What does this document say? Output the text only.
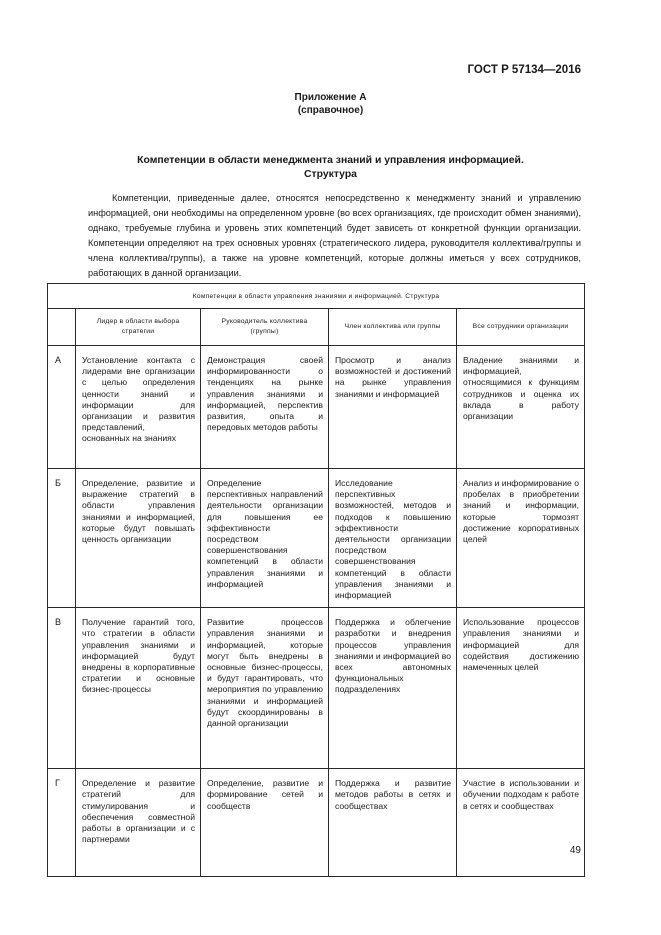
ГОСТ Р 57134—2016
Приложение А
(справочное)
Компетенции в области менеджмента знаний и управления информацией.
Структура

Компетенции, приведенные далее, относятся непосредственно к менеджменту знаний и управлению информацией, они необходимы на определенном уровне (во всех организациях, где происходит обмен знаниями), однако, требуемые глубина и уровень этих компетенций будет зависеть от конкретной функции организации. Компетенции определяют на трех основных уровнях (стратегического лидера, руководителя коллектива/группы и члена коллектива/группы), а также на уровне компетенций, которые должны иметься у всех сотрудников, работающих в данной организации.

Компетенции в области управления знаниями и информацией. Структура				
	Лидер в области выбора стратегии	Руководитель коллектива (группы)	Член коллектива или группы	Все сотрудники организации
А	Установление контакта с лидерами вне организации с целью определения ценности знаний и информации для организации и развития представлений, основанных на знаниях	Демонстрация своей информированности о тенденциях на рынке управления знаниями и информацией, перспектив развития, опыта и передовых методов работы	Просмотр и анализ возможностей и достижений на рынке управления знаниями и информацией	Владение знаниями и информацией, относящимися к функциям сотрудников и оценка их вклада в работу организации
Б	Определение, развитие и выражение стратегий в области управления знаниями и информацией, которые будут повышать ценность организации	Определение перспективных направлений деятельности организации для повышения ее эффективности посредством совершенствования компетенций в области управления знаниями и информацией	Исследование перспективных возможностей, методов и подходов к повышению эффективности деятельности организации посредством совершенствования компетенций в области управления знаниями и информацией	Анализ и информирование о пробелах в приобретении знаний и информации, которые тормозят достижение корпоративных целей
В	Получение гарантий того, что стратегии в области управления знаниями и информацией будут внедрены в корпоративные стратегии и основные бизнес-процессы	Развитие процессов управления знаниями и информацией, которые могут быть внедрены в основные бизнес-процессы, и будут гарантировать, что мероприятия по управлению знаниями и информацией будут скоординированы в данной организации	Поддержка и облегчение разработки и внедрения процессов управления знаниями и информацией во всех автономных функциональных подразделениях	Использование процессов управления знаниями и информацией для содействия достижению намеченных целей
Г	Определение и развитие стратегий для стимулирования и обеспечения совместной работы в организации и с партнерами	Определение, развитие и формирование сетей и сообществ	Поддержка и развитие методов работы в сетях и сообществах	Участие в использовании и обучении подходам к работе в сетях и сообществах
49
